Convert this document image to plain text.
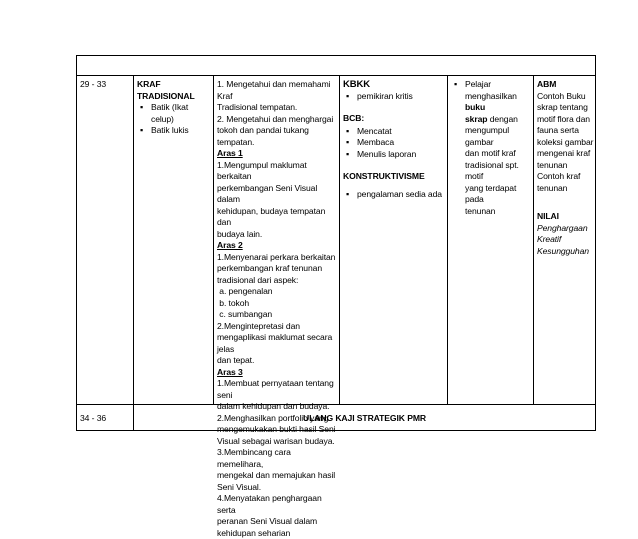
29 - 33	KRAF
TRADISIONAL
▪ Batik (Ikat celup)
▪ Batik lukis
1. Mengetahui dan memahami Kraf
Tradisional tempatan.
2. Mengetahui dan menghargai
tokoh dan pandai tukang tempatan.
Aras 1
1.Mengumpul maklumat berkaitan
perkembangan Seni Visual dalam
kehidupan, budaya tempatan dan
budaya lain.
Aras 2
1.Menyenarai perkara berkaitan
perkembangan kraf tenunan
tradisional dari aspek:
a. pengenalan
b. tokoh
c. sumbangan
2.Mengintepretasi dan
mengaplikasi maklumat secara jelas
dan tepat.
Aras 3
1.Membuat pernyataan tentang seni
dalam kehidupan dan budaya.
2.Menghasilkan portfolio yang
mengemukakan bukti hasil Seni
Visual sebagai warisan budaya.
3.Membincang cara memelihara,
mengekal dan memajukan hasil
Seni Visual.
4.Menyatakan penghargaan serta
peranan Seni Visual dalam
kehidupan seharian
KBKK
▪ pemikiran kritis
BCB:
▪ Mencatat
▪ Membaca
▪ Menulis laporan
KONSTRUKTIVISME
▪ pengalaman sedia ada
▪ Pelajar
menghasilkan buku
skrap dengan
mengumpul gambar
dan motif kraf
tradisional spt. motif
yang terdapat pada
tenunan
ABM
Contoh Buku
skrap tentang
motif flora dan
fauna serta
koleksi gambar
mengenai kraf
tenunan
Contoh kraf
tenunan
NILAI
Penghargaan
Kreatif
Kesungguhan
34 - 36	ULANG KAJI STRATEGIK PMR
